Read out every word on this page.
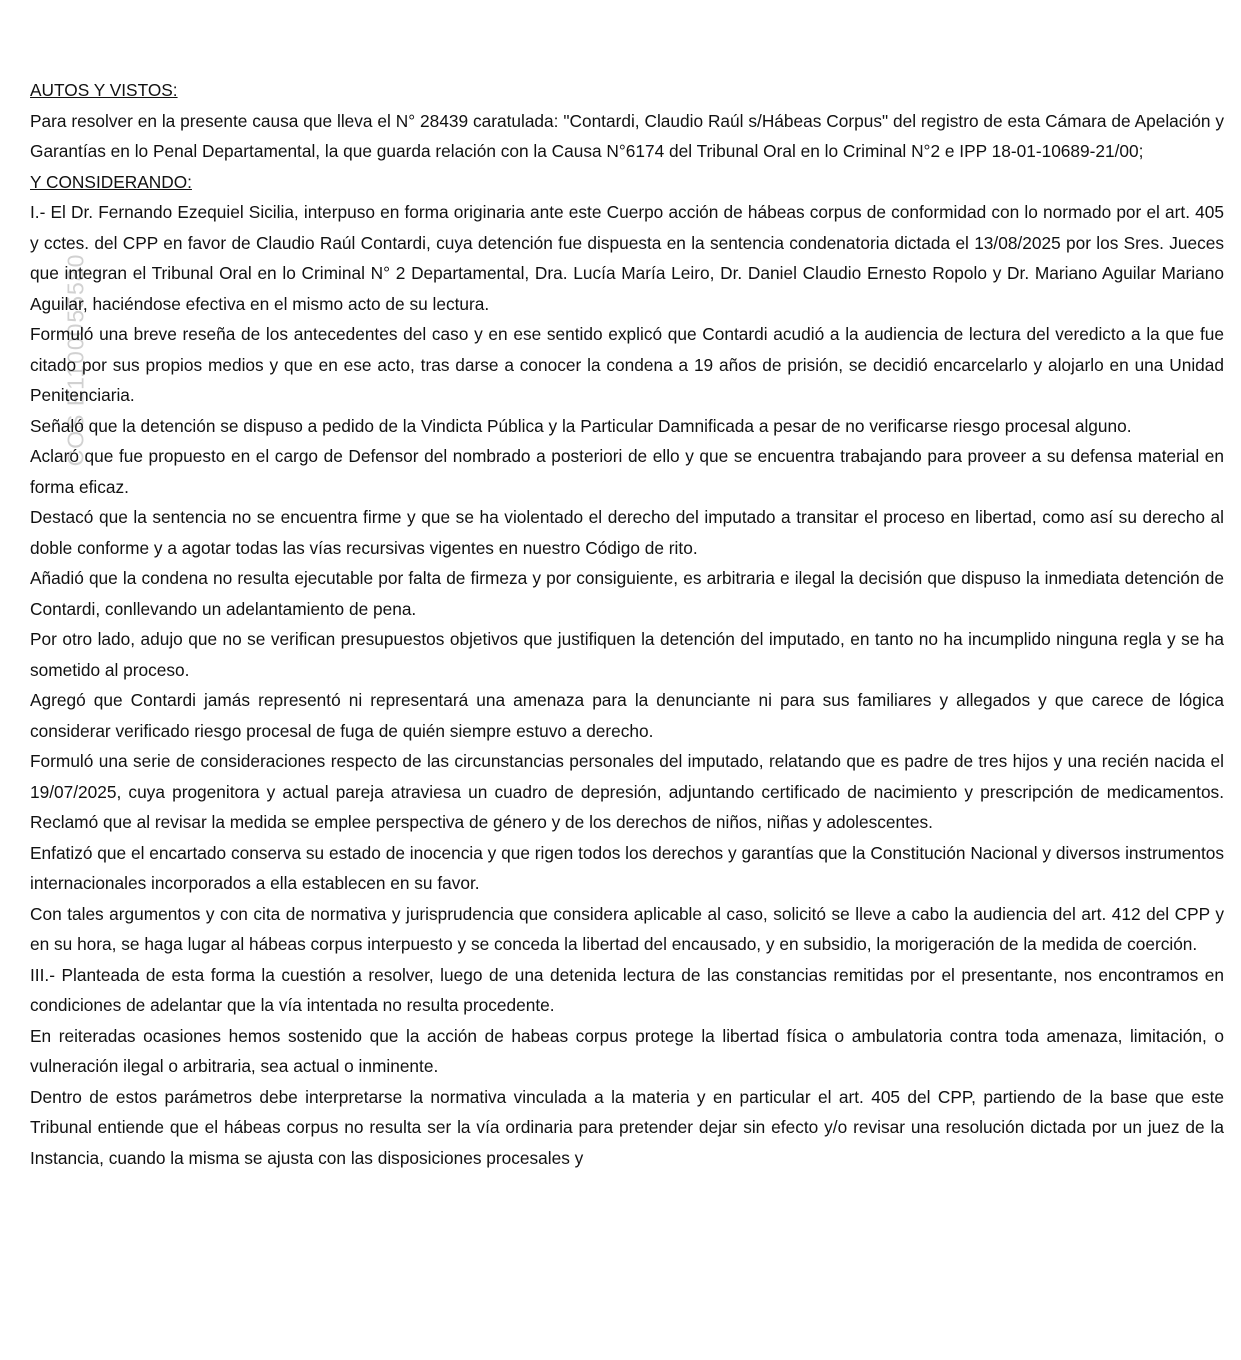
COS E1100055580

AUTOS Y VISTOS:

Para resolver en la presente causa que lleva el N° 28439 caratulada: "Contardi, Claudio Raúl s/Hábeas Corpus" del registro de esta Cámara de Apelación y Garantías en lo Penal Departamental, la que guarda relación con la Causa N°6174 del Tribunal Oral en lo Criminal N°2 e IPP 18-01-10689-21/00;

Y CONSIDERANDO:

I.- El Dr. Fernando Ezequiel Sicilia, interpuso en forma originaria ante este Cuerpo acción de hábeas corpus de conformidad con lo normado por el art. 405 y cctes. del CPP en favor de Claudio Raúl Contardi, cuya detención fue dispuesta en la sentencia condenatoria dictada el 13/08/2025 por los Sres. Jueces que integran el Tribunal Oral en lo Criminal N° 2 Departamental, Dra. Lucía María Leiro, Dr. Daniel Claudio Ernesto Ropolo y Dr. Mariano Aguilar Mariano Aguilar, haciéndose efectiva en el mismo acto de su lectura.

Formuló una breve reseña de los antecedentes del caso y en ese sentido explicó que Contardi acudió a la audiencia de lectura del veredicto a la que fue citado por sus propios medios y que en ese acto, tras darse a conocer la condena a 19 años de prisión, se decidió encarcelarlo y alojarlo en una Unidad Penitenciaria.

Señaló que la detención se dispuso a pedido de la Vindicta Pública y la Particular Damnificada a pesar de no verificarse riesgo procesal alguno.

Aclaró que fue propuesto en el cargo de Defensor del nombrado a posteriori de ello y que se encuentra trabajando para proveer a su defensa material en forma eficaz.

Destacó que la sentencia no se encuentra firme y que se ha violentado el derecho del imputado a transitar el proceso en libertad, como así su derecho al doble conforme y a agotar todas las vías recursivas vigentes en nuestro Código de rito.

Añadió que la condena no resulta ejecutable por falta de firmeza y por consiguiente, es arbitraria e ilegal la decisión que dispuso la inmediata detención de Contardi, conllevando un adelantamiento de pena.

Por otro lado, adujo que no se verifican presupuestos objetivos que justifiquen la detención del imputado, en tanto no ha incumplido ninguna regla y se ha sometido al proceso.

Agregó que Contardi jamás representó ni representará una amenaza para la denunciante ni para sus familiares y allegados y que carece de lógica considerar verificado riesgo procesal de fuga de quién siempre estuvo a derecho.

Formuló una serie de consideraciones respecto de las circunstancias personales del imputado, relatando que es padre de tres hijos y una recién nacida el 19/07/2025, cuya progenitora y actual pareja atraviesa un cuadro de depresión, adjuntando certificado de nacimiento y prescripción de medicamentos. Reclamó que al revisar la medida se emplee perspectiva de género y de los derechos de niños, niñas y adolescentes.

Enfatizó que el encartado conserva su estado de inocencia y que rigen todos los derechos y garantías que la Constitución Nacional y diversos instrumentos internacionales incorporados a ella establecen en su favor.

Con tales argumentos y con cita de normativa y jurisprudencia que considera aplicable al caso, solicitó se lleve a cabo la audiencia del art. 412 del CPP y en su hora, se haga lugar al hábeas corpus interpuesto y se conceda la libertad del encausado, y en subsidio, la morigeración de la medida de coerción.

III.- Planteada de esta forma la cuestión a resolver, luego de una detenida lectura de las constancias remitidas por el presentante, nos encontramos en condiciones de adelantar que la vía intentada no resulta procedente.

En reiteradas ocasiones hemos sostenido que la acción de habeas corpus protege la libertad física o ambulatoria contra toda amenaza, limitación, o vulneración ilegal o arbitraria, sea actual o inminente.

Dentro de estos parámetros debe interpretarse la normativa vinculada a la materia y en particular el art. 405 del CPP, partiendo de la base que este Tribunal entiende que el hábeas corpus no resulta ser la vía ordinaria para pretender dejar sin efecto y/o revisar una resolución dictada por un juez de la Instancia, cuando la misma se ajusta con las disposiciones procesales y
